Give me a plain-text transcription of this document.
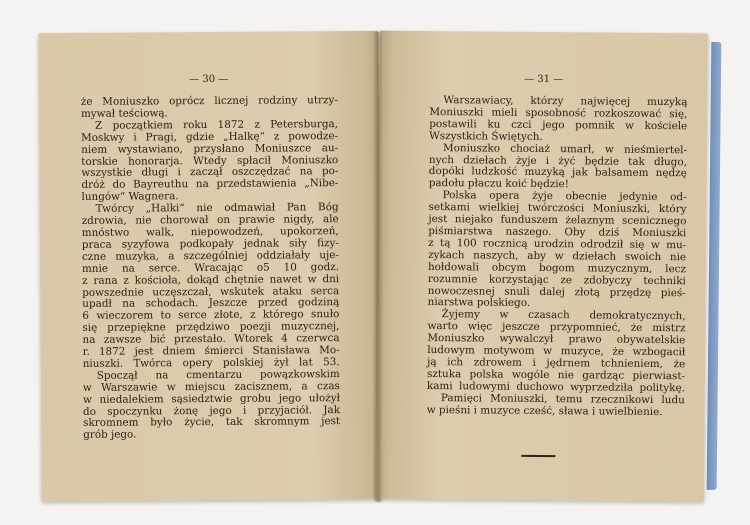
— 30 —
że Moniuszko oprócz licznej rodziny utrzy-
mywał teściową.
Z początkiem roku 1872 z Petersburga,
Moskwy i Pragi, gdzie „Halkę“ z powodze-
niem wystawiano, przysłano Moniuszce au-
torskie honorarja. Wtedy spłacił Moniuszko
wszystkie długi i zaczął oszczędzać na po-
dróż do Bayreuthu na przedstawienia „Nibe-
lungów“ Wagnera.
Twórcy „Halki“ nie odmawiał Pan Bóg
zdrowia, nie chorował on prawie nigdy, ale
mnóstwo walk, niepowodzeń, upokorzeń,
praca syzyfowa podkopały jednak siły fizy-
czne muzyka, a szczególniej oddziałały uje-
mnie na serce. Wracając o5 10 godz.
z rana z kościoła, dokąd chętnie nawet w dni
powszednie uczęszczał, wskutek ataku serca
upadł na schodach. Jeszcze przed godziną
6 wieczorem to serce złote, z którego snuło
się przepiękne przędziwo poezji muzycznej,
na zawsze bić przestało. Wtorek 4 czerwca
r. 1872 jest dniem śmierci Stanisława Mo-
niuszki. Twórca opery polskiej żył lat 53.
Spoczął na cmentarzu powązkowskim
w Warszawie w miejscu zacisznem, a czas
w niedalekiem sąsiedztwie grobu jego ułożył
do spoczynku żonę jego i przyjaciół. Jak
skromnem było życie, tak skromnym jest
grób jego.
— 31 —
Warszawiacy, którzy najwięcej muzyką
Moniuszki mieli sposobność rozkoszować się,
postawili ku czci jego pomnik w kościele
Wszystkich Świętych.
Moniuszko chociaż umarł, w nieśmiertel-
nych dziełach żyje i żyć będzie tak długo,
dopóki ludzkość muzyką jak balsamem nędzę
padołu płaczu koić będzie!
Polska opera żyje obecnie jedynie od-
setkami wielkiej twórczości Moniuszki, który
jest niejako funduszem żelaznym scenicznego
piśmiarstwa naszego. Oby dziś Moniuszki
z tą 100 rocznicą urodzin odrodził się w mu-
zykach naszych, aby w dziełach swoich nie
hołdowali obcym bogom muzycznym, lecz
rozumnie korzystając ze zdobyczy techniki
nowoczesnej snuli dalej złotą przędzę pieś-
niarstwa polskiego.
Żyjemy w czasach demokratycznych,
warto więc jeszcze przypomnieć, że mistrz
Moniuszko wywalczył prawo obywatelskie
ludowym motywom w muzyce, że wzbogacił
ją ich zdrowem i jędrnem tchnieniem, że
sztuka polska wogóle nie gardząc pierwiast-
kami ludowymi duchowo wyprzedziła politykę.
Pamięci Moniuszki, temu rzecznikowi ludu
w pieśni i muzyce cześć, sława i uwielbienie.
